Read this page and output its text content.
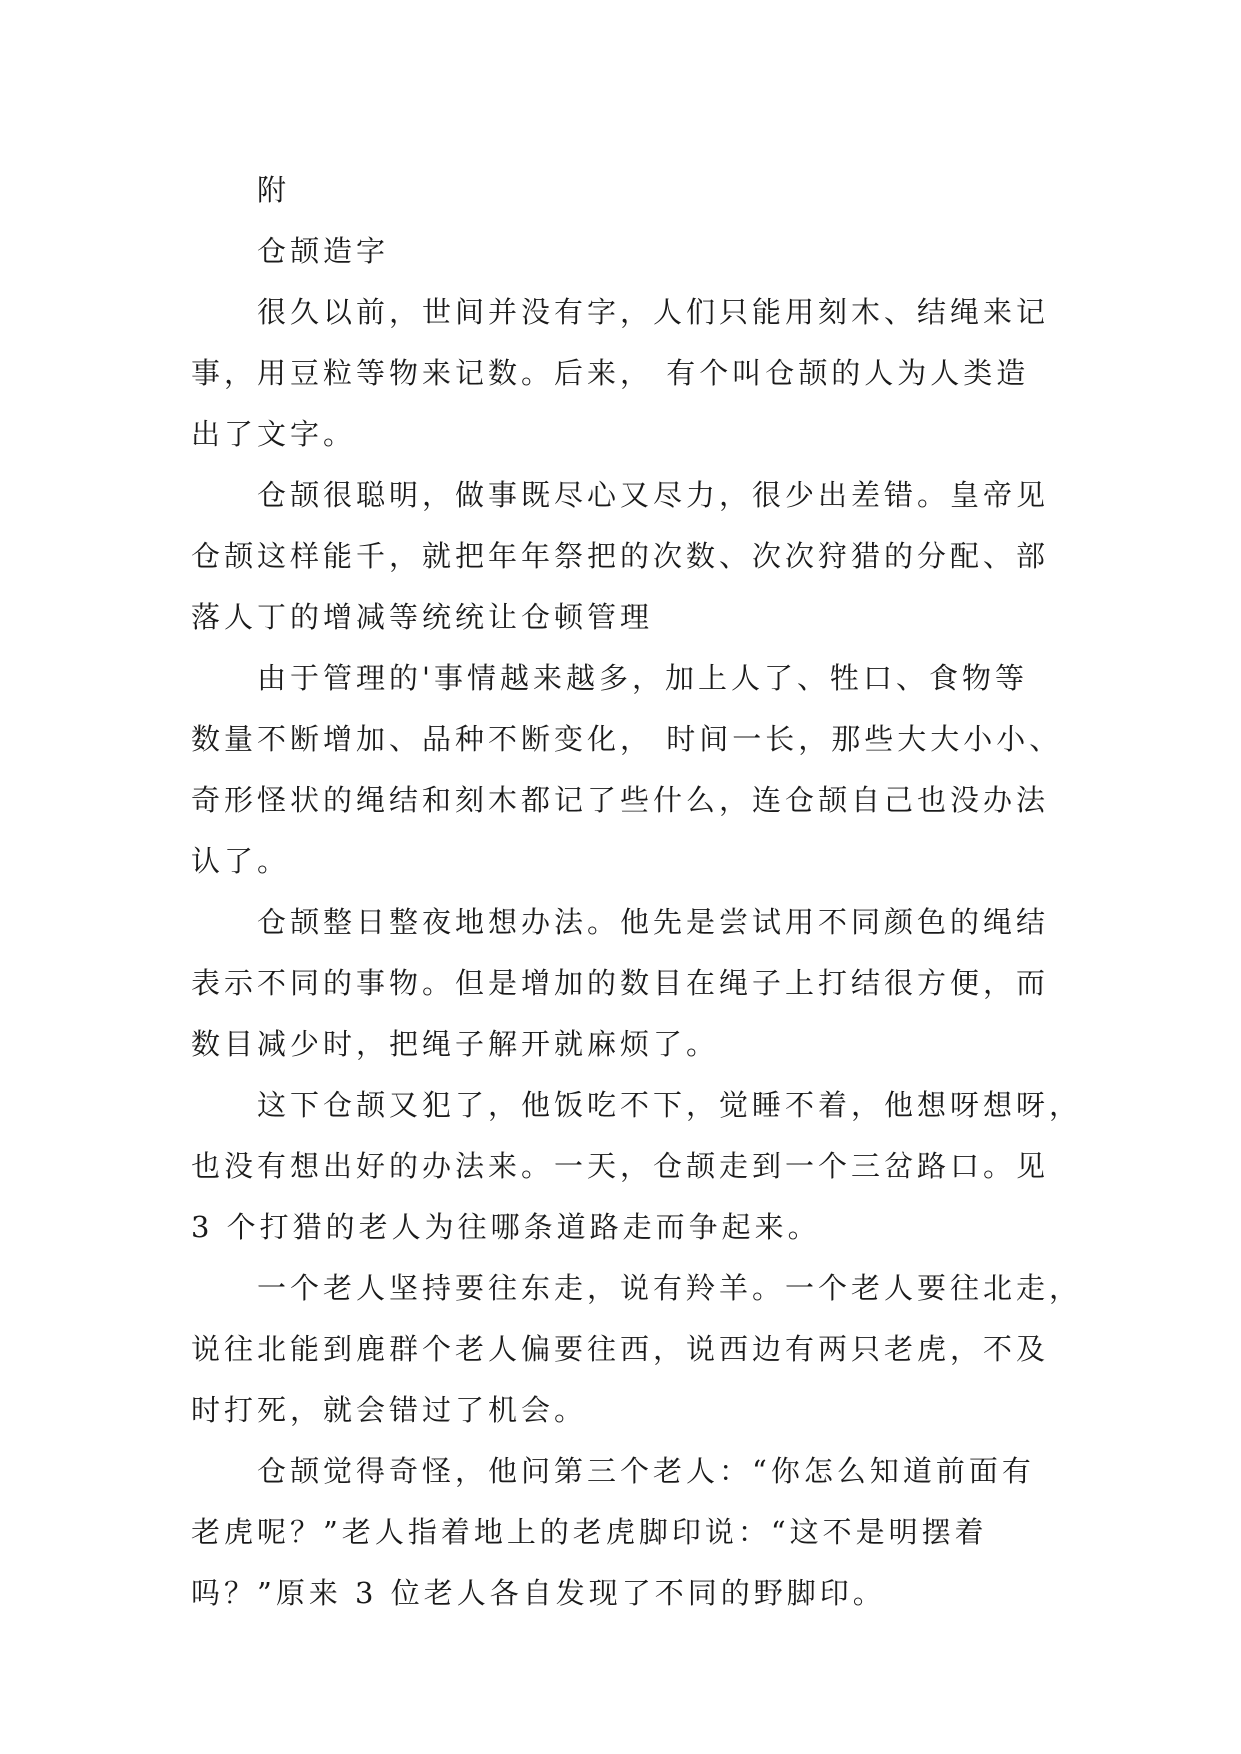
附
仓颉造字
很久以前，世间并没有字，人们只能用刻木、结绳来记
事，用豆粒等物来记数。后来， 有个叫仓颉的人为人类造
出了文字。
仓颉很聪明，做事既尽心又尽力，很少出差错。皇帝见
仓颉这样能千，就把年年祭把的次数、次次狩猎的分配、部
落人丁的增减等统统让仓顿管理
由于管理的'事情越来越多，加上人了、牲口、食物等
数量不断增加、品种不断变化， 时间一长，那些大大小小、
奇形怪状的绳结和刻木都记了些什么，连仓颉自己也没办法
认了。
仓颉整日整夜地想办法。他先是尝试用不同颜色的绳结
表示不同的事物。但是增加的数目在绳子上打结很方便，而
数目减少时，把绳子解开就麻烦了。
这下仓颉又犯了，他饭吃不下，觉睡不着，他想呀想呀，
也没有想出好的办法来。一天，仓颉走到一个三岔路口。见
3 个打猎的老人为往哪条道路走而争起来。
一个老人坚持要往东走，说有羚羊。一个老人要往北走，
说往北能到鹿群个老人偏要往西，说西边有两只老虎，不及
时打死，就会错过了机会。
仓颉觉得奇怪，他问第三个老人：“你怎么知道前面有
老虎呢？”老人指着地上的老虎脚印说：“这不是明摆着
吗？”原来 3 位老人各自发现了不同的野脚印。
